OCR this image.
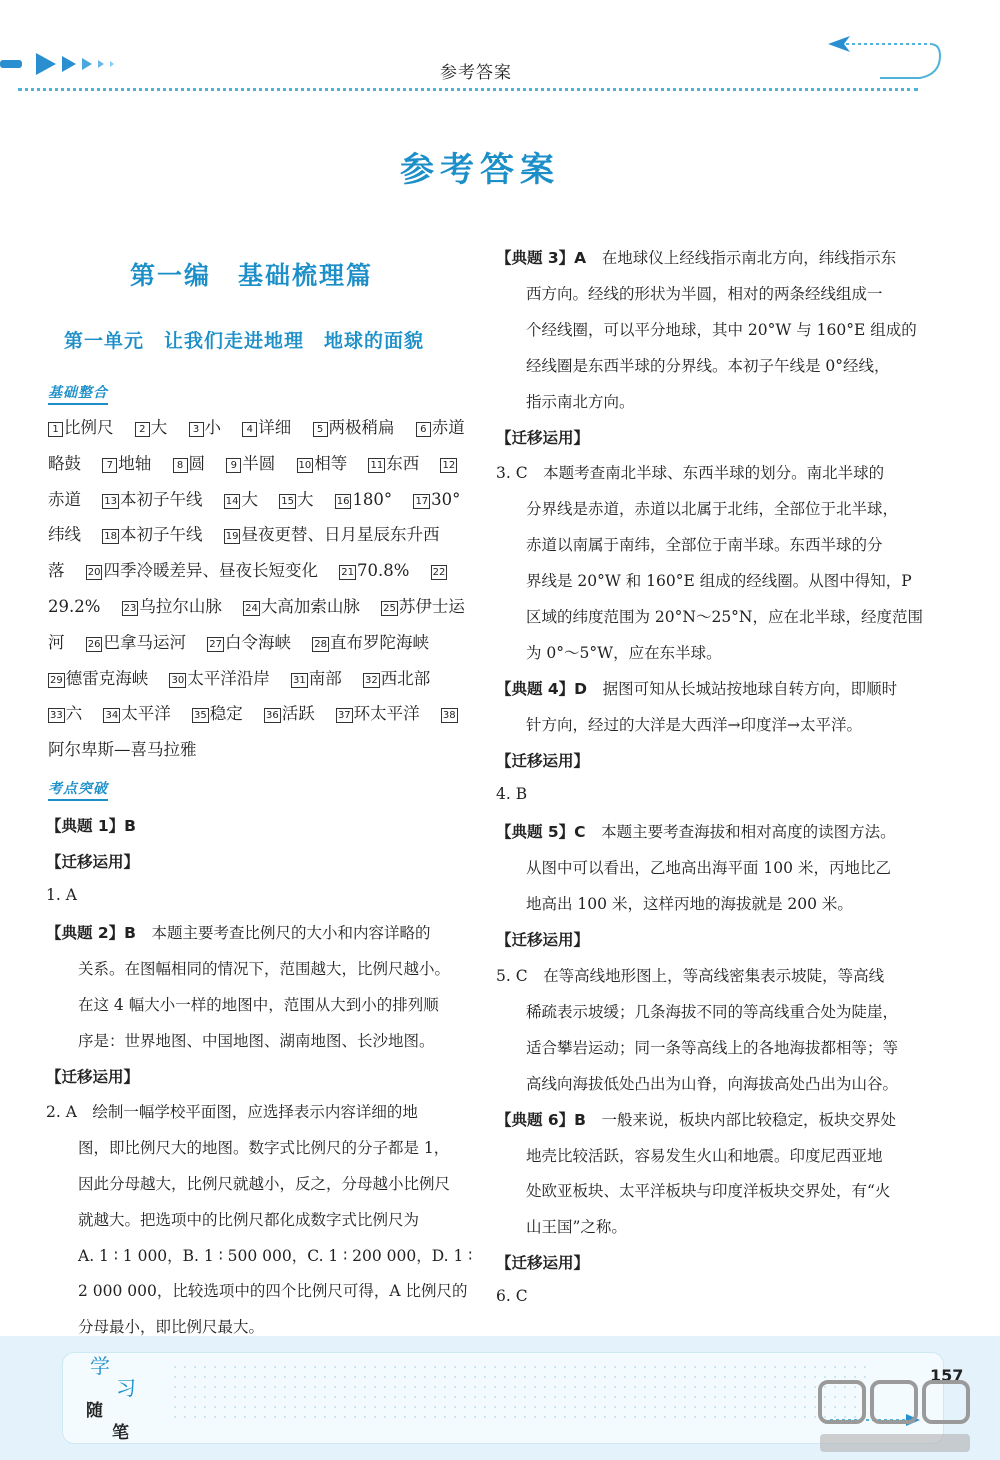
参考答案
参考答案
第一编　基础梳理篇
第一单元　让我们走进地理　地球的面貌
基础整合
1 比例尺	2 大	3 小	4 详细	5 两极稍扁	6 赤道略鼓	7 地轴	8 圆	9 半圆 10 相等 11 东西 12赤道 13 本初子午线 14 大 15 大 16 180° 17 30°纬线 18 本初子午线 19 昼夜更替、日月星辰东升西落 20 四季冷暖差异、昼夜长短变化 21 70.8% 2229.2% 23 乌拉尔山脉 24 大高加索山脉 25 苏伊士运河 26 巴拿马运河 27 白令海峡 28 直布罗陀海峡 29 德雷克海峡 30 太平洋沿岸 31 南部 32 西北部 33 六 34 太平洋 35 稳定 36 活跃 37 环太平洋 38阿尔卑斯—喜马拉雅
考点突破
【典题 1】B
【迁移运用】
1. A
【典题 2】B　本题主要考查比例尺的大小和内容详略的
关系。在图幅相同的情况下，范围越大，比例尺越小。
在这 4 幅大小一样的地图中，范围从大到小的排列顺
序是：世界地图、中国地图、湖南地图、长沙地图。
【迁移运用】
2. A　绘制一幅学校平面图，应选择表示内容详细的地
图，即比例尺大的地图。数字式比例尺的分子都是 1，
因此分母越大，比例尺就越小，反之，分母越小比例尺
就越大。把选项中的比例尺都化成数字式比例尺为
A. 1 ∶ 1 000，B. 1 ∶ 500 000，C. 1 ∶ 200 000，D. 1 ∶
2 000 000，比较选项中的四个比例尺可得，A 比例尺的
分母最小，即比例尺最大。
【典题 3】A　在地球仪上经线指示南北方向，纬线指示东
西方向。经线的形状为半圆，相对的两条经线组成一
个经线圈，可以平分地球，其中 20°W 与 160°E 组成的
经线圈是东西半球的分界线。本初子午线是 0°经线，
指示南北方向。
【迁移运用】
3. C　本题考查南北半球、东西半球的划分。南北半球的
分界线是赤道，赤道以北属于北纬，全部位于北半球，
赤道以南属于南纬，全部位于南半球。东西半球的分
界线是 20°W 和 160°E 组成的经线圈。从图中得知，P
区域的纬度范围为 20°N～25°N，应在北半球，经度范围
为 0°～5°W，应在东半球。
【典题 4】D　据图可知从长城站按地球自转方向，即顺时
针方向，经过的大洋是大西洋→印度洋→太平洋。
【迁移运用】
4. B
【典题 5】C　本题主要考查海拔和相对高度的读图方法。
从图中可以看出，乙地高出海平面 100 米，丙地比乙
地高出 100 米，这样丙地的海拔就是 200 米。
【迁移运用】
5. C　在等高线地形图上，等高线密集表示坡陡，等高线
稀疏表示坡缓；几条海拔不同的等高线重合处为陡崖，
适合攀岩运动；同一条等高线上的各地海拔都相等；等
高线向海拔低处凸出为山脊，向海拔高处凸出为山谷。
【典题 6】B　一般来说，板块内部比较稳定，板块交界处
地壳比较活跃，容易发生火山和地震。印度尼西亚地
处欧亚板块、太平洋板块与印度洋板块交界处，有“火
山王国”之称。
【迁移运用】
6. C
学
习
随
笔
157
